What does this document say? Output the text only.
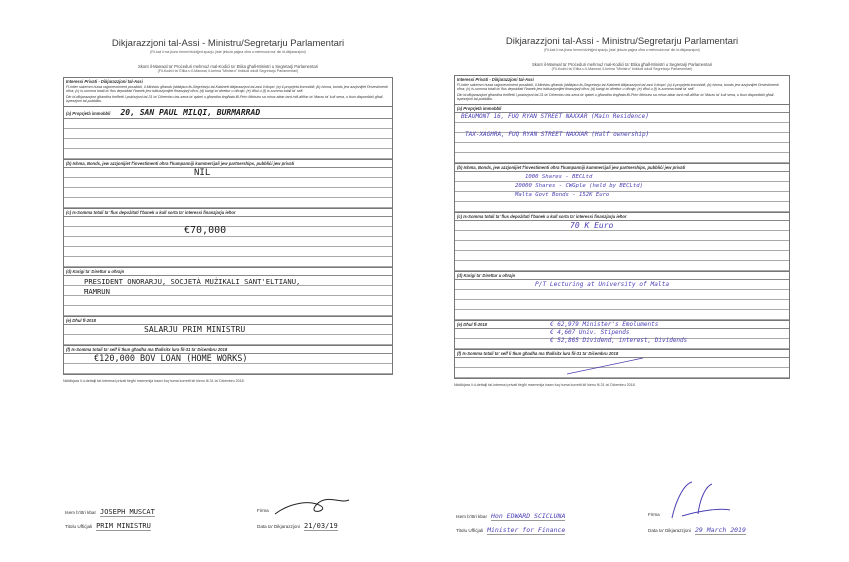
Dikjarazzjoni tal-Assi - Ministru/Segretarju Parlamentari
(Fil-każ li ma jkunx hemm biżżejjed spazju, jista' jintuża paġna oħra u mehmuża ma' din id-dikjarazzjoni)
Skont il-Manwal ta' Proċeduri mehmuż mal-Kodiċi ta' Etika għall-Ministri u Segretarji Parlamentari
(Fil-Kodiċi ta' Etika u il-Manwal, il-kelma "Ministru" tinkludi wkoll Segretarju Parlamentari)
Interessi Privati - Dikjarazzjoni tal-Assi
Fl-intier sakemm huwa raġonevolment possibbli, il-Ministru għandu jiddikjara lis-Segretarju tal-Kabinett dikjarazzjoni tal-assi li tkopri: (a) il-proprjetà immobbli; (b) ishma, bonds jew azzjonijiet f'investimenti oħra; (c) is-somma totali ta' flus depożitati f'banek jew istituzzjonijiet finanzjarji oħra; (d) karigi ta' direttur u oħrajn; (e) dħul u (f) is-somma totali ta' self.
Din id-dikjarazzjoni għandha tirrifletti l-pożizzjoni tal-31 ta' Diċembru tas-sena ta' qabel u għandha tingħata lill-Prim Ministru sa mhux aktar tard mill-aħħar ta' Marzu ta' kull sena, u tkun disponibbli għall-ispezzjoni tal-pubbliku.
(a) Proprjetà immobbli 20, SAN PAUL MILQI, BURMARRAD
(b) Ishma, Bonds, jew azzjonijiet f'investimenti oħra f'kumpanniji kummerċjali jew partnerships, pubbliċi jew privati
NIL
(c) Is-Somma totali ta' flus depożitati f'banek u kull sorta ta' interessi finanzjarju ieħor
€70,000
(d) Karigi ta' Direttur u oħrajn
PRESIDENT ONORARJU, SOCJETÀ MUŻIKALI SANT'ELTIANU,
ĦAMRUN
(e) Dħul fl-2018
SALARJU PRIM MINISTRU
(f) Is-Somma totali ta' self li tkun għadha ma tħallsitx lura fil-31 ta' Diċembru 2018
€120,000 BOV LOAN (HOME WORKS)
Niddikjara li d-dettalji tal-interessi privati tiegħi msemmija hawn fuq huma korretti kif kienu fil-31 ta' Diċembru 2018.
Isem b'ittri kbar JOSEPH MUSCAT
Titolu Uffiċjali PRIM MINISTRU
Firma
Data ta' Dikjarazzjoni 21/03/19
Dikjarazzjoni tal-Assi - Ministru/Segretarju Parlamentari
(Fil-każ li ma jkunx hemm biżżejjed spazju, jista' jintuża paġna oħra u mehmuża ma' din id-dikjarazzjoni)
Skont il-Manwal ta' Proċeduri mehmuż mal-Kodiċi ta' Etika għall-Ministri u Segretarji Parlamentari
(Fil-Kodiċi ta' Etika u il-Manwal, il-kelma "Ministru" tinkludi wkoll Segretarju Parlamentari)
Interessi Privati - Dikjarazzjoni tal-Assi
Fl-intier sakemm huwa raġonevolment possibbli, il-Ministru għandu jiddikjara lis-Segretarju tal-Kabinett dikjarazzjoni tal-assi li tkopri: (a) il-proprjetà immobbli; (b) ishma, bonds jew azzjonijiet f'investimenti oħra; (c) is-somma totali ta' flus depożitati f'banek jew istituzzjonijiet finanzjarji oħra; (d) karigi ta' direttur u oħrajn; (e) dħul u (f) is-somma totali ta' self.
Din id-dikjarazzjoni għandha tirrifletti l-pożizzjoni tal-31 ta' Diċembru tas-sena ta' qabel u għandha tingħata lill-Prim Ministru sa mhux aktar tard mill-aħħar ta' Marzu ta' kull sena, u tkun disponibbli għall-ispezzjoni tal-pubbliku.
(a) Proprjetà immobbli
BEAUMONT 16, FUQ RYAN STREET NAXXAR (Main Residence)
TAX-XAGHRA, FUQ RYAN STREET NAXXAR (Half ownership)
(b) Ishma, Bonds, jew azzjonijiet f'investimenti oħra f'kumpanniji kummerċjali jew partnerships, pubbliċi jew privati
1000 Shares - BECLtd
20000 Shares - CWGple (held by BECLtd)
Malta Govt Bonds - 152K Euro
(c) Is-Somma totali ta' flus depożitati f'banek u kull sorta ta' interessi finanzjarju ieħor
70 K Euro
(d) Karigi ta' Direttur u oħrajn
P/T Lecturing at University of Malta
(e) Dħul fl-2018	€ 62,979 Minister's Emoluments
€ 4,607 Univ. Stipends
€ 52,865 Dividend, interest, Dividends
(f) Is-Somma totali ta' self li tkun għadha ma tħallsitx lura fil-31 ta' Diċembru 2018
Niddikjara li d-dettalji tal-interessi privati tiegħi msemmija hawn fuq huma korretti kif kienu fil-31 ta' Diċembru 2018.
Isem b'ittri kbar Hon EDWARD SCICLUNA
Titolu Uffiċjali Minister for Finance
Firma
Data ta' Dikjarazzjoni 29 March 2019
